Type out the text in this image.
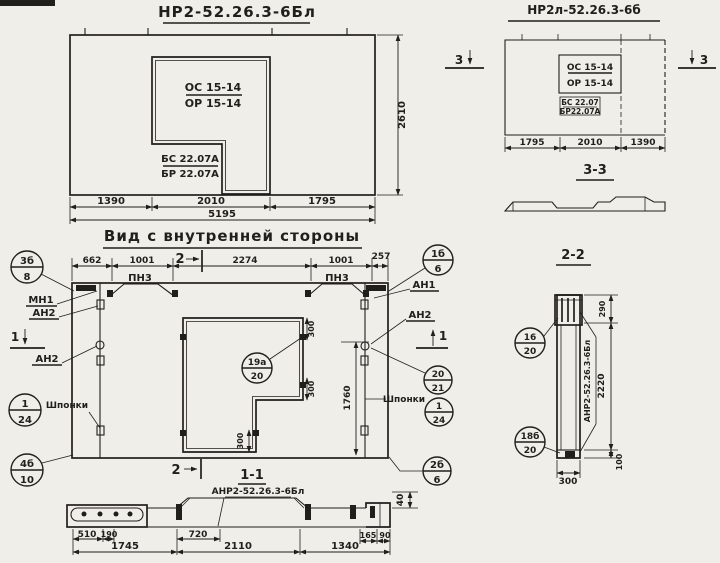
НР2-52.26.3-6Бл
ОС 15-14
ОР 15-14
БС 22.07А
БР 22.07А
1390	2010	1795
5195
2610
НР2л-52.26.3-6б
3	3
ОС 15-14
ОР 15-14
БС 22.07
БР22.07А
1795	2010	1390
3-3
Вид с внутренней стороны
662	1001	2274	1001 257
2
ПН3	ПН3
300
300
300
1760
19а
20
3б
8
МН1
АН2
1
АН2
1
24
Шпонки
4б
10
1б
6
АН1
АН2
1
20
21
Шпонки
1
24
2б
6
2	1-1
АНР2-52.26.3-6Бл
510 190	720	165 90
1745	2110	1340
40
2-2
АНР2-52.26.3-6Бл
290
2220
100
300
16
20
18б
20
